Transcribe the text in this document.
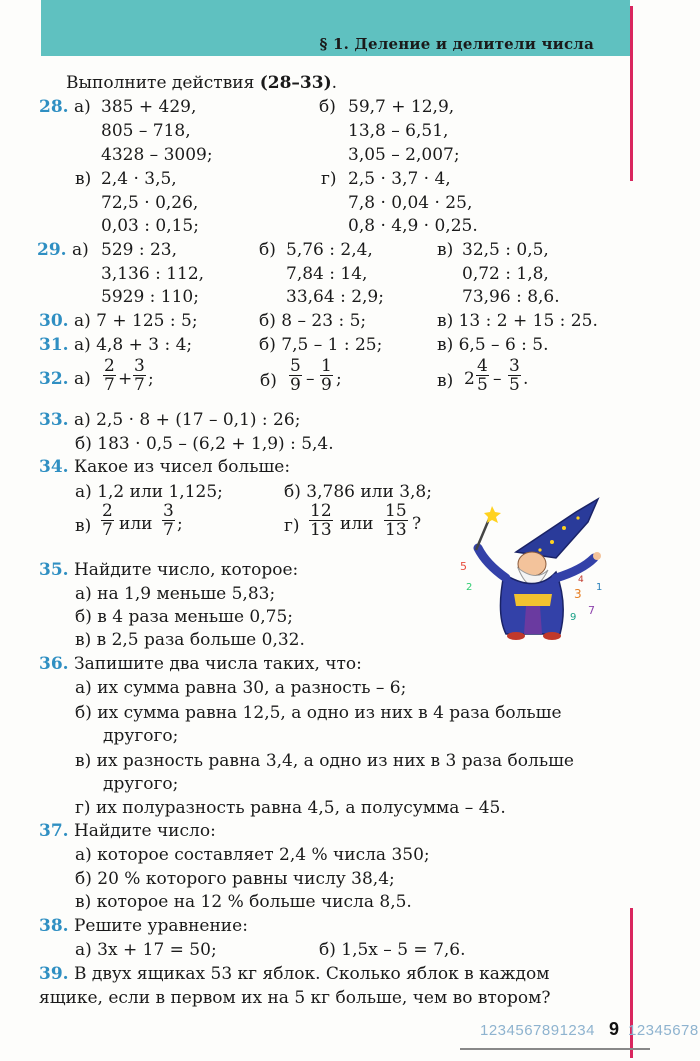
§ 1. Деление и делители числа
Выполните действия (28–33).
28. а) 385 + 429,
805 – 718,
4328 – 3009;
б) 59,7 + 12,9,
13,8 – 6,51,
3,05 – 2,007;
в) 2,4 · 3,5,
72,5 · 0,26,
0,03 : 0,15;
г) 2,5 · 3,7 · 4,
7,8 · 0,04 · 25,
0,8 · 4,9 · 0,25.
29. а) 529 : 23,
3,136 : 112,
5929 : 110;
б) 5,76 : 2,4,
7,84 : 14,
33,64 : 2,9;
в) 32,5 : 0,5,
0,72 : 1,8,
73,96 : 8,6.
30. а) 7 + 125 : 5;	б) 8 – 23 : 5;	в) 13 : 2 + 15 : 25.
31. а) 4,8 + 3 : 4;	б) 7,5 – 1 : 25;	в) 6,5 – 6 : 5.
32. $а) \frac{2}{7} + \frac{3}{7}$ ;	$б) \frac{5}{9} - \frac{1}{9}$ ;	в) $2 \frac{4}{5} - \frac{3}{5}$ .
33. а) 2,5 · 8 + (17 – 0,1) : 26;
б) 183 · 0,5 – (6,2 + 1,9) : 5,4.
34. Какое из чисел больше:
а) 1,2 или 1,125;	б) 3,786 или 3,8;
$в) \frac{2}{7}$ или $\frac{3}{7}$ ;	$г) \frac{12}{13}$ или $\frac{15}{13}$ ?
35. Найдите число, которое:
а) на 1,9 меньше 5,83;
б) в 4 раза меньше 0,75;
в) в 2,5 раза больше 0,32.
36. Запишите два числа таких, что:
а) их сумма равна 30, а разность – 6;
б) их сумма равна 12,5, а одно из них в 4 раза больше
другого;
в) их разность равна 3,4, а одно из них в 3 раза больше
другого;
г) их полуразность равна 4,5, а полусумма – 45.
37. Найдите число:
а) которое составляет 2,4 % числа 350;
б) 20 % которого равны числу 38,4;
в) которое на 12 % больше числа 8,5.
38. Решите уравнение:
а) 3x + 17 = 50;	б) 1,5x – 5 = 7,6.
39. В двух ящиках 53 кг яблок. Сколько яблок в каждом
ящике, если в первом их на 5 кг больше, чем во втором?
5
2	3
7
9
1
4
1234567891234 9 12345678
